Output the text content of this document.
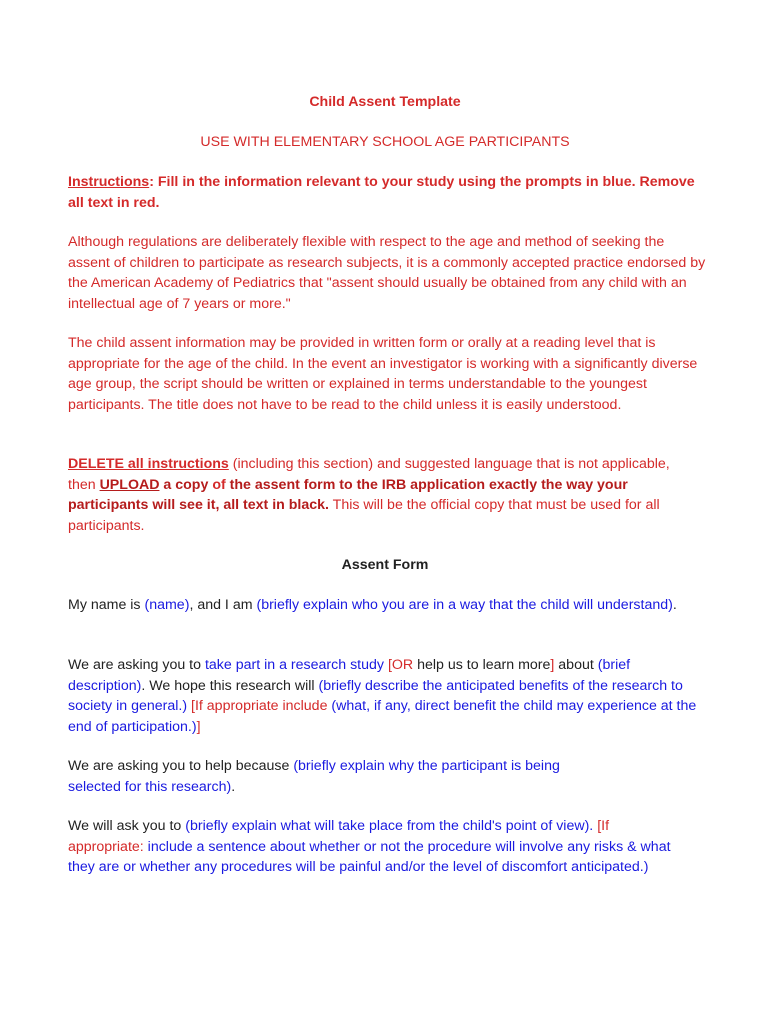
Child Assent Template
USE WITH ELEMENTARY SCHOOL AGE PARTICIPANTS

Instructions: Fill in the information relevant to your study using the prompts in blue. Remove all text in red.

Although regulations are deliberately flexible with respect to the age and method of seeking the assent of children to participate as research subjects, it is a commonly accepted practice endorsed by the American Academy of Pediatrics that "assent should usually be obtained from any child with an intellectual age of 7 years or more."

The child assent information may be provided in written form or orally at a reading level that is appropriate for the age of the child. In the event an investigator is working with a significantly diverse age group, the script should be written or explained in terms understandable to the youngest participants. The title does not have to be read to the child unless it is easily understood.

DELETE all instructions (including this section) and suggested language that is not applicable, then UPLOAD a copy of the assent form to the IRB application exactly the way your participants will see it, all text in black. This will be the official copy that must be used for all participants.

Assent Form

My name is (name), and I am (briefly explain who you are in a way that the child will understand).

We are asking you to take part in a research study [OR help us to learn more] about (brief description). We hope this research will (briefly describe the anticipated benefits of the research to society in general.) [If appropriate include (what, if any, direct benefit the child may experience at the end of participation.)]

We are asking you to help because (briefly explain why the participant is being selected for this research).

We will ask you to (briefly explain what will take place from the child's point of view). [If appropriate: include a sentence about whether or not the procedure will involve any risks & what they are or whether any procedures will be painful and/or the level of discomfort anticipated.)
